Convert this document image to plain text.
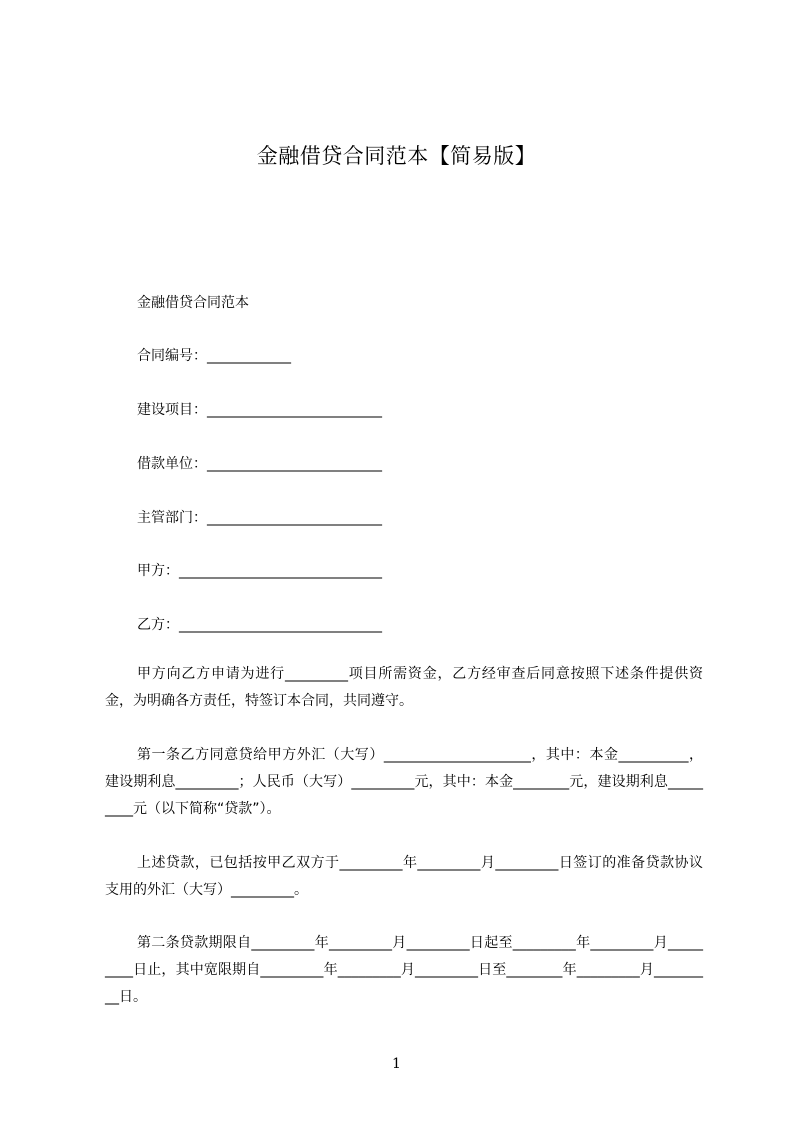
金融借贷合同范本【简易版】

金融借贷合同范本

合同编号：____________

建设项目：_________________________

借款单位：_________________________

主管部门：_________________________

甲方：_____________________________

乙方：_____________________________

甲方向乙方申请为进行_________项目所需资金，乙方经审查后同意按照下述条件提供资金，为明确各方责任，特签订本合同，共同遵守。

第一条乙方同意贷给甲方外汇（大写）_____________________，其中：本金__________，建设期利息_________；人民币（大写）_________元，其中：本金________元，建设期利息_________元（以下简称“贷款”）。

上述贷款，已包括按甲乙双方于_________年_________月_________日签订的准备贷款协议支用的外汇（大写）_________。

第二条贷款期限自_________年_________月_________日起至_________年_________月_________日止，其中宽限期自_________年_________月_________日至________年_________月_________日。

1
